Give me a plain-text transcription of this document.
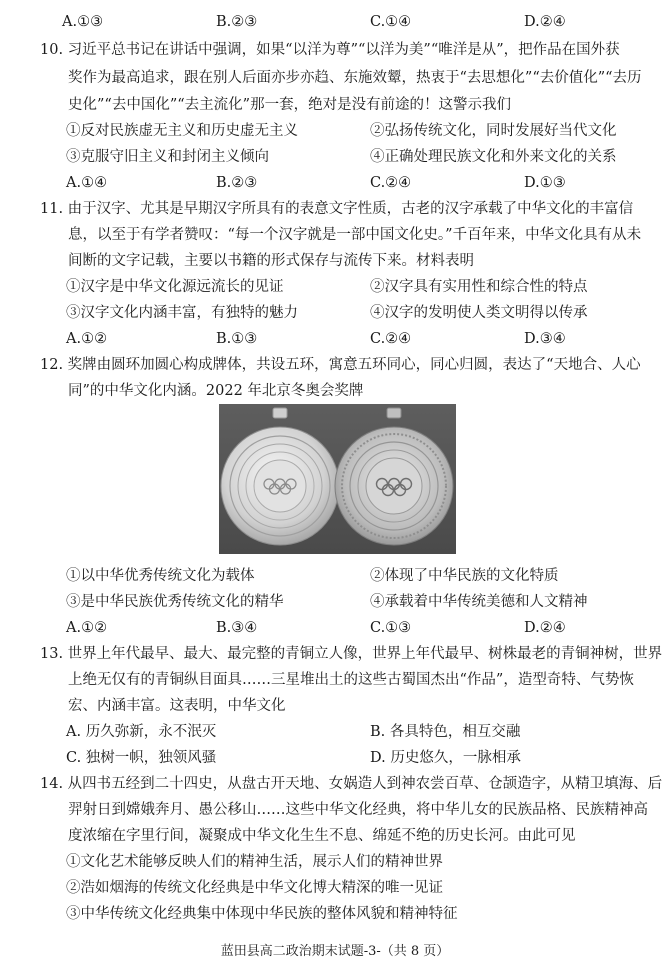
A.①③	B.②③	C.①④	D.②④
10. 习近平总书记在讲话中强调，如果“以洋为尊”“以洋为美”“唯洋是从”，把作品在国外获
奖作为最高追求，跟在别人后面亦步亦趋、东施效颦，热衷于“去思想化”“去价值化”“去历
史化”“去中国化”“去主流化”那一套，绝对是没有前途的！这警示我们
①反对民族虚无主义和历史虚无主义	②弘扬传统文化，同时发展好当代文化
③克服守旧主义和封闭主义倾向	④正确处理民族文化和外来文化的关系
A.①④	B.②③	C.②④	D.①③
11. 由于汉字、尤其是早期汉字所具有的表意文字性质，古老的汉字承载了中华文化的丰富信
息，以至于有学者赞叹：“每一个汉字就是一部中国文化史。”千百年来，中华文化具有从未
间断的文字记载，主要以书籍的形式保存与流传下来。材料表明
①汉字是中华文化源远流长的见证	②汉字具有实用性和综合性的特点
③汉字文化内涵丰富，有独特的魅力	④汉字的发明使人类文明得以传承
A.①②	B.①③	C.②④	D.③④
12. 奖牌由圆环加圆心构成牌体，共设五环，寓意五环同心，同心归圆，表达了“天地合、人心
同”的中华文化内涵。2022 年北京冬奥会奖牌
①以中华优秀传统文化为载体	②体现了中华民族的文化特质
③是中华民族优秀传统文化的精华	④承载着中华传统美德和人文精神
A.①②	B.③④	C.①③	D.②④
13. 世界上年代最早、最大、最完整的青铜立人像，世界上年代最早、树株最老的青铜神树，世界
上绝无仅有的青铜纵目面具……三星堆出土的这些古蜀国杰出“作品”，造型奇特、气势恢
宏、内涵丰富。这表明，中华文化
A. 历久弥新，永不泯灭	B. 各具特色，相互交融
C. 独树一帜，独领风骚	D. 历史悠久，一脉相承
14. 从四书五经到二十四史，从盘古开天地、女娲造人到神农尝百草、仓颉造字，从精卫填海、后
羿射日到嫦娥奔月、愚公移山……这些中华文化经典，将中华儿女的民族品格、民族精神高
度浓缩在字里行间，凝聚成中华文化生生不息、绵延不绝的历史长河。由此可见
①文化艺术能够反映人们的精神生活，展示人们的精神世界
②浩如烟海的传统文化经典是中华文化博大精深的唯一见证
③中华传统文化经典集中体现中华民族的整体风貌和精神特征
蓝田县高二政治期末试题-3-（共 8 页）
